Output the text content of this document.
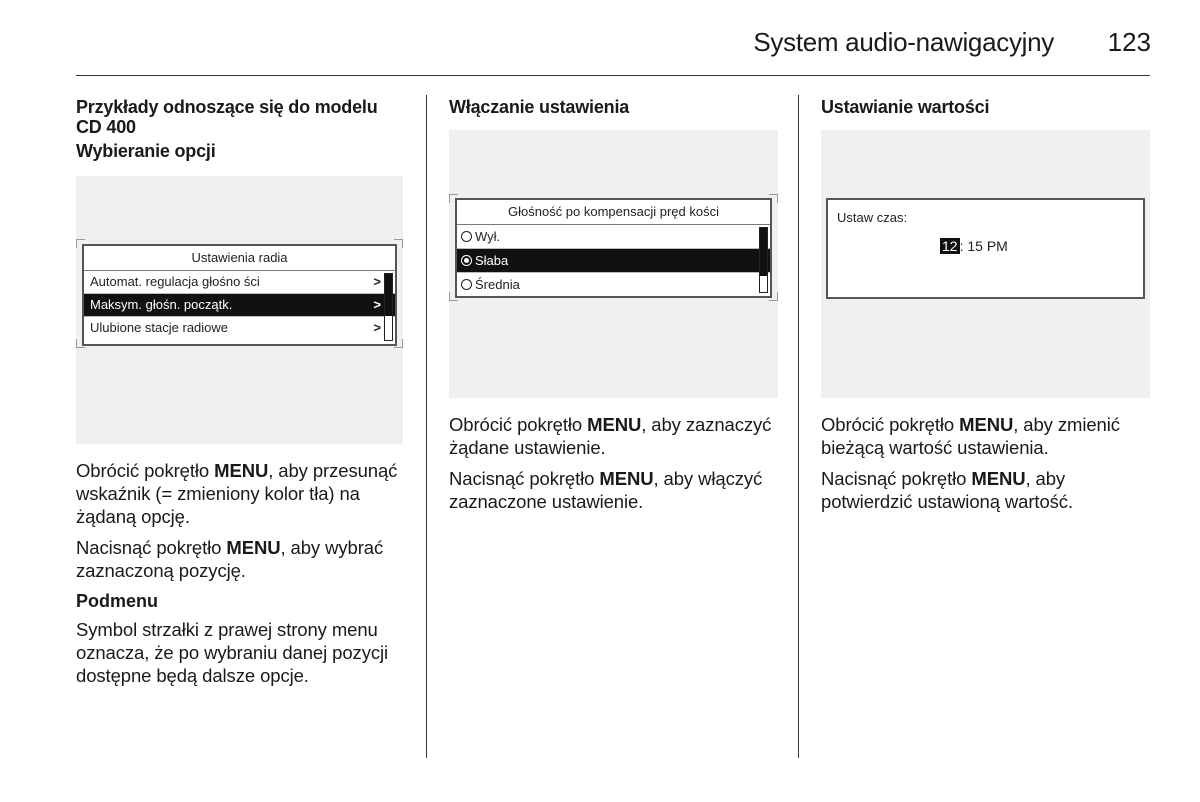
System audio-nawigacyjny 123
Przykłady odnoszące się do modelu
CD 400
Wybieranie opcji
Ustawienia radia
Automat. regulacja głośno ści	>
Maksym. głośn. początk.	>
Ulubione stacje radiowe	>

Obrócić pokrętło MENU, aby przesunąć wskaźnik (= zmieniony kolor tła) na żądaną opcję.

Nacisnąć pokrętło MENU, aby wybrać zaznaczoną pozycję.

Podmenu

Symbol strzałki z prawej strony menu oznacza, że po wybraniu danej pozycji dostępne będą dalsze opcje.

Włączanie ustawienia
Głośność po kompensacji pręd kości
Wył.
Słaba
Średnia

Obrócić pokrętło MENU, aby zaznaczyć żądane ustawienie.

Nacisnąć pokrętło MENU, aby włączyć zaznaczone ustawienie.

Ustawianie wartości
Ustaw czas:
12 : 15 PM

Obrócić pokrętło MENU, aby zmienić bieżącą wartość ustawienia.

Nacisnąć pokrętło MENU, aby potwierdzić ustawioną wartość.
